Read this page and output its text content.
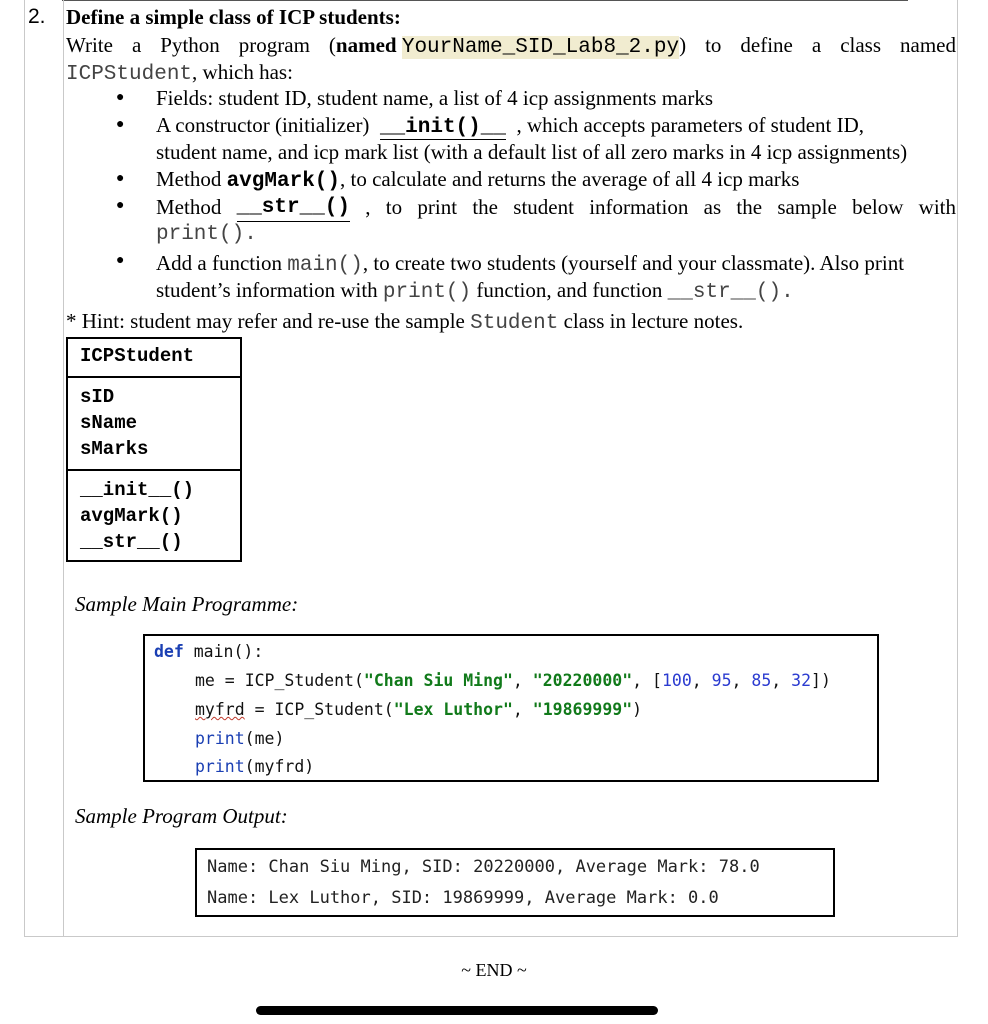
2. Define a simple class of ICP students:
Write a Python program (named YourName_SID_Lab8_2.py) to define a class named
ICPStudent, which has:
● Fields: student ID, student name, a list of 4 icp assignments marks
● A constructor (initializer) __init()__ , which accepts parameters of student ID,
student name, and icp mark list (with a default list of all zero marks in 4 icp assignments)
● Method avgMark(), to calculate and returns the average of all 4 icp marks
● Method __str__() , to print the student information as the sample below with
print().
● Add a function main(), to create two students (yourself and your classmate). Also print
student’s information with print() function, and function __str__().
* Hint: student may refer and re-use the sample Student class in lecture notes.
ICPStudent
sID
sName
sMarks
__init__()
avgMark()
__str__()
Sample Main Programme:
def main():
me = ICP_Student("Chan Siu Ming", "20220000", [100, 95, 85, 32])
myfrd = ICP_Student("Lex Luthor", "19869999")
print(me)
print(myfrd)
Sample Program Output:
Name: Chan Siu Ming, SID: 20220000, Average Mark: 78.0
Name: Lex Luthor, SID: 19869999, Average Mark: 0.0
~ END ~
